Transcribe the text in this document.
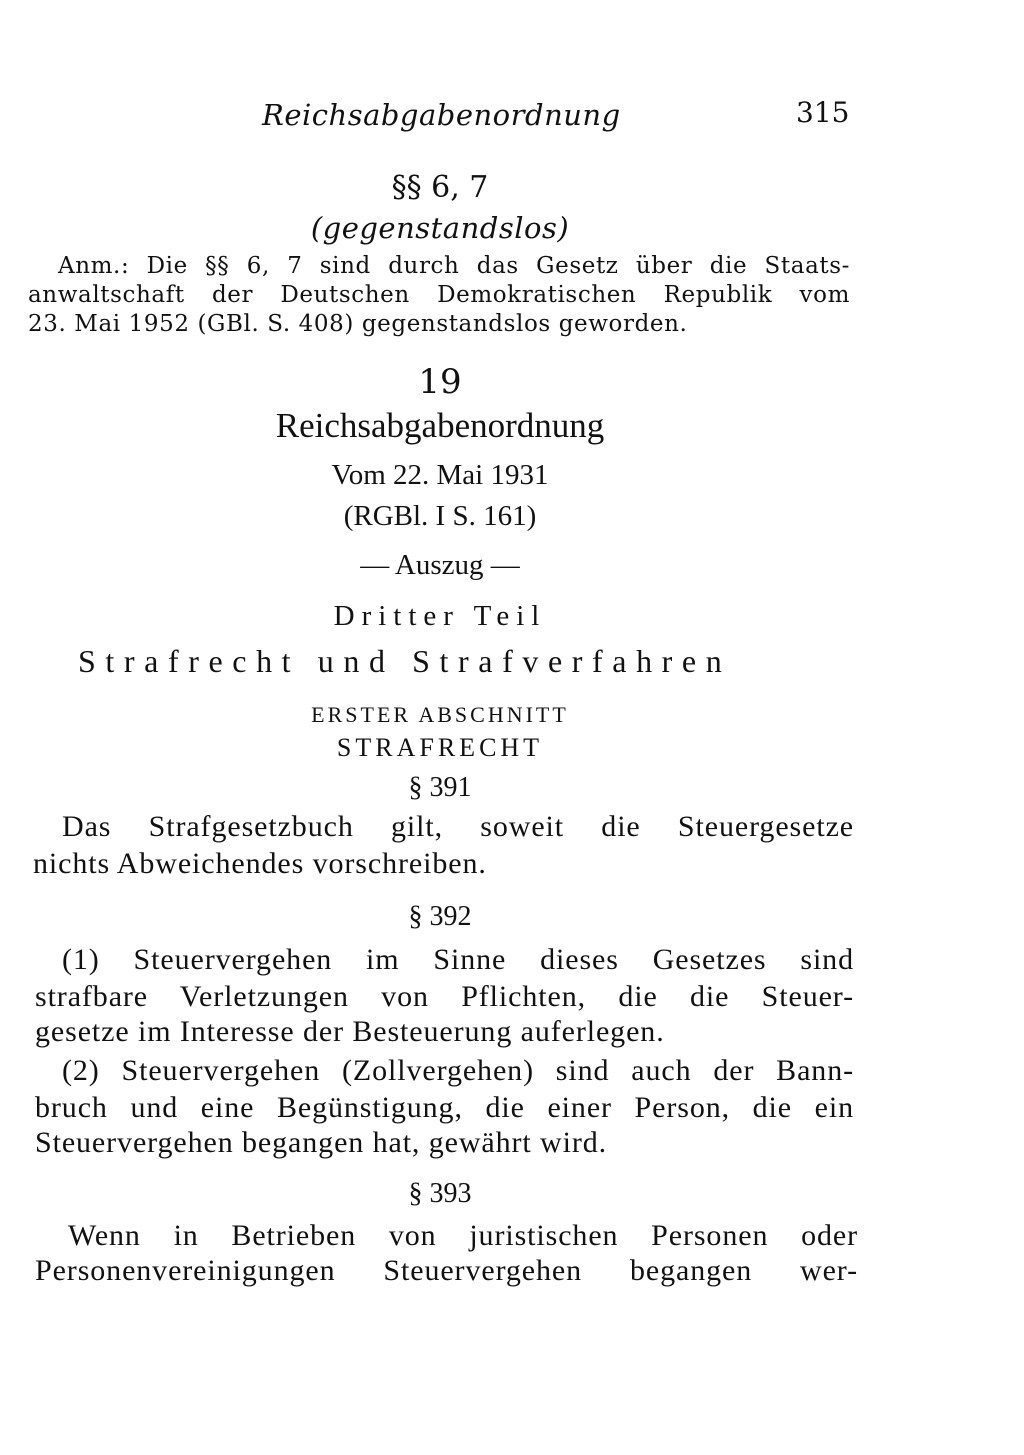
Reichsabgabenordnung	315

§§ 6, 7

(gegenstandslos)

Anm.: Die §§ 6, 7 sind durch das Gesetz über die Staats-

anwaltschaft der Deutschen Demokratischen Republik vom

23. Mai 1952 (GBl. S. 408) gegenstandslos geworden.

19

Reichsabgabenordnung

Vom 22. Mai 1931

(RGBl. I S. 161)

— Auszug —

Dritter Teil

Strafrecht und Strafverfahren

ERSTER ABSCHNITT

STRAFRECHT

§ 391

Das Strafgesetzbuch gilt, soweit die Steuergesetze

nichts Abweichendes vorschreiben.

§ 392

(1) Steuervergehen im Sinne dieses Gesetzes sind

strafbare Verletzungen von Pflichten, die die Steuer-

gesetze im Interesse der Besteuerung auferlegen.

(2) Steuervergehen (Zollvergehen) sind auch der Bann-

bruch und eine Begünstigung, die einer Person, die ein

Steuervergehen begangen hat, gewährt wird.

§ 393

Wenn in Betrieben von juristischen Personen oder

Personenvereinigungen Steuervergehen begangen wer-
